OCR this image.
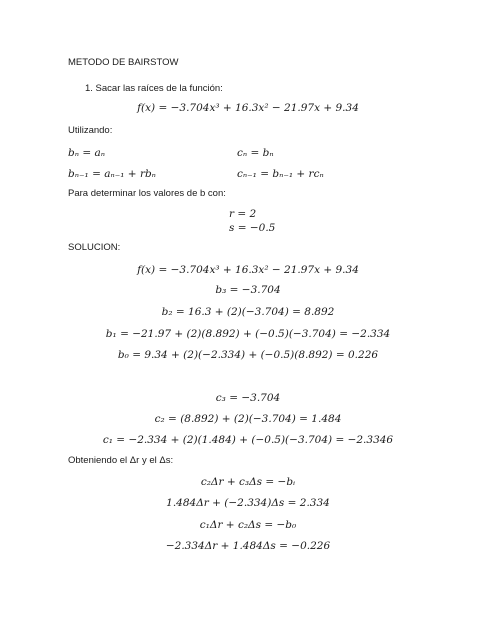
METODO DE BAIRSTOW
1. Sacar las raíces de la función:
f(x) = −3.704x³ + 16.3x² − 21.97x + 9.34
Utilizando:
bₙ = aₙ	cₙ = bₙ
bₙ₋₁ = aₙ₋₁ + rbₙ	cₙ₋₁ = bₙ₋₁ + rcₙ
Para determinar los valores de b con:
r = 2
s = −0.5
SOLUCION:
f(x) = −3.704x³ + 16.3x² − 21.97x + 9.34
b₃ = −3.704
b₂ = 16.3 + (2)(−3.704) = 8.892
b₁ = −21.97 + (2)(8.892) + (−0.5)(−3.704) = −2.334
b₀ = 9.34 + (2)(−2.334) + (−0.5)(8.892) = 0.226
c₃ = −3.704
c₂ = (8.892) + (2)(−3.704) = 1.484
c₁ = −2.334 + (2)(1.484) + (−0.5)(−3.704) = −2.3346
Obteniendo el Δr y el Δs:
c₂Δr + c₃Δs = −bᵢ
1.484Δr + (−2.334)Δs = 2.334
c₁Δr + c₂Δs = −b₀
−2.334Δr + 1.484Δs = −0.226
